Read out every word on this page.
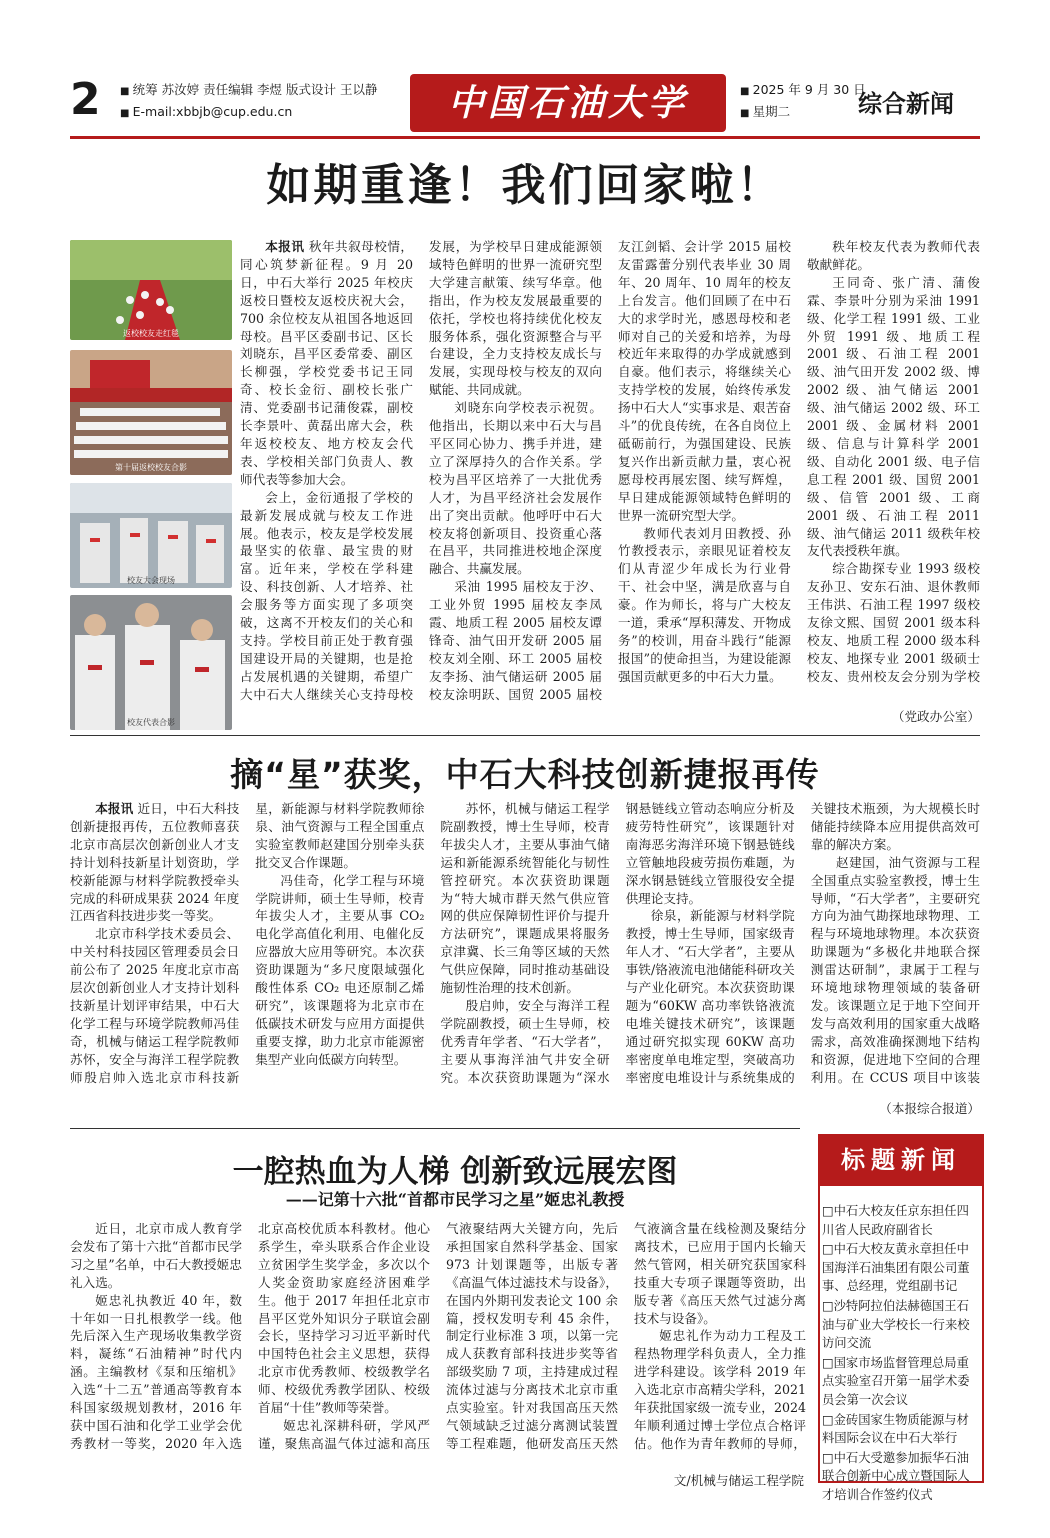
2	■ 统筹 苏汝婷 责任编辑 李煜 版式设计 王以静
■ E-mail:xbbjb@cup.edu.cn	中国石油大学	■ 2025 年 9 月 30 日
■ 星期二	综合新闻
如期重逢！我们回家啦！
返校校友走红毯
第十届返校校友合影
校友大会现场
校友代表合影

本报讯 秋年共叙母校情，同心筑梦新征程。9 月 20 日，中石大举行 2025 年校庆返校日暨校友返校庆祝大会，700 余位校友从祖国各地返回母校。昌平区委副书记、区长刘晓东，昌平区委常委、副区长柳强，学校党委书记王同奇、校长金衍、副校长张广清、党委副书记蒲俊霖，副校长李景叶、黄磊出席大会，秩年返校校友、地方校友会代表、学校相关部门负责人、教师代表等参加大会。

会上，金衍通报了学校的最新发展成就与校友工作进展。他表示，校友是学校发展最坚实的依靠、最宝贵的财富。近年来，学校在学科建设、科技创新、人才培养、社会服务等方面实现了多项突破，这离不开校友们的关心和支持。学校目前正处于教育强国建设开局的关键期，也是抢占发展机遇的关键期，希望广大中石大人继续关心支持母校发展，为学校早日建成能源领域特色鲜明的世界一流研究型大学建言献策、续写华章。他指出，作为校友发展最重要的依托，学校也将持续优化校友服务体系，强化资源整合与平台建设，全力支持校友成长与发展，实现母校与校友的双向赋能、共同成就。

刘晓东向学校表示祝贺。他指出，长期以来中石大与昌平区同心协力、携手并进，建立了深厚持久的合作关系。学校为昌平区培养了一大批优秀人才，为昌平经济社会发展作出了突出贡献。他呼吁中石大校友将创新项目、投资重心落在昌平，共同推进校地企深度融合、共赢发展。

采油 1995 届校友于汐、工业外贸 1995 届校友李凤霞、地质工程 2005 届校友谭锋奇、油气田开发研 2005 届校友刘全刚、环工 2005 届校友李扬、油气储运研 2005 届校友涂明跃、国贸 2005 届校友江剑韬、会计学 2015 届校友雷露蕾分别代表毕业 30 周年、20 周年、10 周年的校友上台发言。他们回顾了在中石大的求学时光，感恩母校和老师对自己的关爱和培养，为母校近年来取得的办学成就感到自豪。他们表示，将继续关心支持学校的发展，始终传承发扬中石大人“实事求是、艰苦奋斗”的优良传统，在各自岗位上砥砺前行，为强国建设、民族复兴作出新贡献力量，衷心祝愿母校再展宏图、续写辉煌，早日建成能源领域特色鲜明的世界一流研究型大学。

教师代表刘月田教授、孙竹教授表示，亲眼见证着校友们从青涩少年成长为行业骨干、社会中坚，满是欣喜与自豪。作为师长，将与广大校友一道，秉承“厚积薄发、开物成务”的校训，用奋斗践行“能源报国”的使命担当，为建设能源强国贡献更多的中石大力量。

秩年校友代表为教师代表敬献鲜花。

王同奇、张广清、蒲俊霖、李景叶分别为采油 1991 级、化学工程 1991 级、工业外贸 1991 级、地质工程 2001 级、石油工程 2001 级、油气田开发 2002 级、博 2002 级、油气储运 2001 级、油气储运 2002 级、环工 2001 级、金属材料 2001 级、信息与计算科学 2001 级、自动化 2001 级、电子信息工程 2001 级、国贸 2001 级、信管 2001 级、工商 2001 级、石油工程 2011 级、油气储运 2011 级秩年校友代表授秩年旗。

综合勘探专业 1993 级校友孙卫、安东石油、退休教师王伟洪、石油工程 1997 级校友徐文熙、国贸 2001 级本科校友、地质工程 2000 级本科校友、地探专业 2001 级硕士校友、贵州校友会分别为学校

（党政办公室）
摘“星”获奖，中石大科技创新捷报再传

本报讯 近日，中石大科技创新捷报再传，五位教师喜获北京市高层次创新创业人才支持计划科技新星计划资助，学校新能源与材料学院教授牵头完成的科研成果获 2024 年度江西省科技进步奖一等奖。

北京市科学技术委员会、中关村科技园区管理委员会日前公布了 2025 年度北京市高层次创新创业人才支持计划科技新星计划评审结果，中石大化学工程与环境学院教师冯佳奇，机械与储运工程学院教师苏怀，安全与海洋工程学院教师殷启帅入选北京市科技新星，新能源与材料学院教师徐泉、油气资源与工程全国重点实验室教师赵建国分别牵头获批交叉合作课题。

冯佳奇，化学工程与环境学院讲师，硕士生导师，校青年拔尖人才，主要从事 CO₂ 电化学高值化利用、电催化反应器放大应用等研究。本次获资助课题为“多尺度限域强化酸性体系 CO₂ 电还原制乙烯研究”，该课题将为北京市在低碳技术研发与应用方面提供重要支撑，助力北京市能源密集型产业向低碳方向转型。

苏怀，机械与储运工程学院副教授，博士生导师，校青年拔尖人才，主要从事油气储运和新能源系统智能化与韧性管控研究。本次获资助课题为“特大城市群天然气供应管网的供应保障韧性评价与提升方法研究”，课题成果将服务京津冀、长三角等区域的天然气供应保障，同时推动基础设施韧性治理的技术创新。

殷启帅，安全与海洋工程学院副教授，硕士生导师，校优秀青年学者、“石大学者”，主要从事海洋油气井安全研究。本次获资助课题为“深水钢悬链线立管动态响应分析及疲劳特性研究”，该课题针对南海恶劣海洋环境下钢悬链线立管触地段疲劳损伤难题，为深水钢悬链线立管服役安全提供理论支持。

徐泉，新能源与材料学院教授，博士生导师，国家级青年人才、“石大学者”，主要从事铁/铬液流电池储能科研攻关与产业化研究。本次获资助课题为“60KW 高功率铁铬液流电堆关键技术研究”，该课题通过研究拟实现 60KW 高功率密度单电堆定型，突破高功率密度电堆设计与系统集成的关键技术瓶颈，为大规模长时储能持续降本应用提供高效可靠的解决方案。

赵建国，油气资源与工程全国重点实验室教授，博士生导师，“石大学者”，主要研究方向为油气勘探地球物理、工程与环境地球物理。本次获资助课题为“多极化井地联合探测雷达研制”，隶属于工程与环境地球物理领域的装备研发。该课题立足于地下空间开发与高效利用的国家重大战略需求，高效准确探测地下结构和资源，促进地下空间的合理利用。在 CCUS 项目中该装

（本报综合报道）
一腔热血为人梯 创新致远展宏图
——记第十六批“首都市民学习之星”姬忠礼教授

近日，北京市成人教育学会发布了第十六批“首都市民学习之星”名单，中石大教授姬忠礼入选。

姬忠礼执教近 40 年，数十年如一日扎根教学一线。他先后深入生产现场收集教学资料，凝练“石油精神”时代内涵。主编教材《泵和压缩机》入选“十二五”普通高等教育本科国家级规划教材，2016 年获中国石油和化学工业学会优秀教材一等奖，2020 年入选北京高校优质本科教材。他心系学生，牵头联系合作企业设立贫困学生奖学金，多次以个人奖金资助家庭经济困难学生。他于 2017 年担任北京市昌平区党外知识分子联谊会副会长，坚持学习习近平新时代中国特色社会主义思想，获得北京市优秀教师、校级教学名师、校级优秀教学团队、校级首届“十佳”教师等荣誉。

姬忠礼深耕科研，学风严谨，聚焦高温气体过滤和高压气液聚结两大关键方向，先后承担国家自然科学基金、国家 973 计划课题等，出版专著《高温气体过滤技术与设备》，在国内外期刊发表论文 100 余篇，授权发明专利 45 余件，制定行业标准 3 项，以第一完成人获教育部科技进步奖等省部级奖励 7 项，主持建成过程流体过滤与分离技术北京市重点实验室。针对我国高压天然气领域缺乏过滤分离测试装置等工程难题，他研发高压天然气液滴含量在线检测及聚结分离技术，已应用于国内长输天然气管网，相关研究获国家科技重大专项子课题等资助，出版专著《高压天然气过滤分离技术与设备》。

姬忠礼作为动力工程及工程热物理学科负责人，全力推进学科建设。该学科 2019 年入选北京市高精尖学科，2021 年获批国家级一流专业，2024 年顺利通过博士学位点合格评估。他作为青年教师的导师，

文/机械与储运工程学院
标题新闻
□ 中石大校友任京东担任四川省人民政府副省长
□ 中石大校友黄永章担任中国海洋石油集团有限公司董事、总经理，党组副书记
□ 沙特阿拉伯法赫德国王石油与矿业大学校长一行来校访问交流
□ 国家市场监督管理总局重点实验室召开第一届学术委员会第一次会议
□ 金砖国家生物质能源与材料国际会议在中石大举行
□ 中石大受邀参加振华石油联合创新中心成立暨国际人才培训合作签约仪式
